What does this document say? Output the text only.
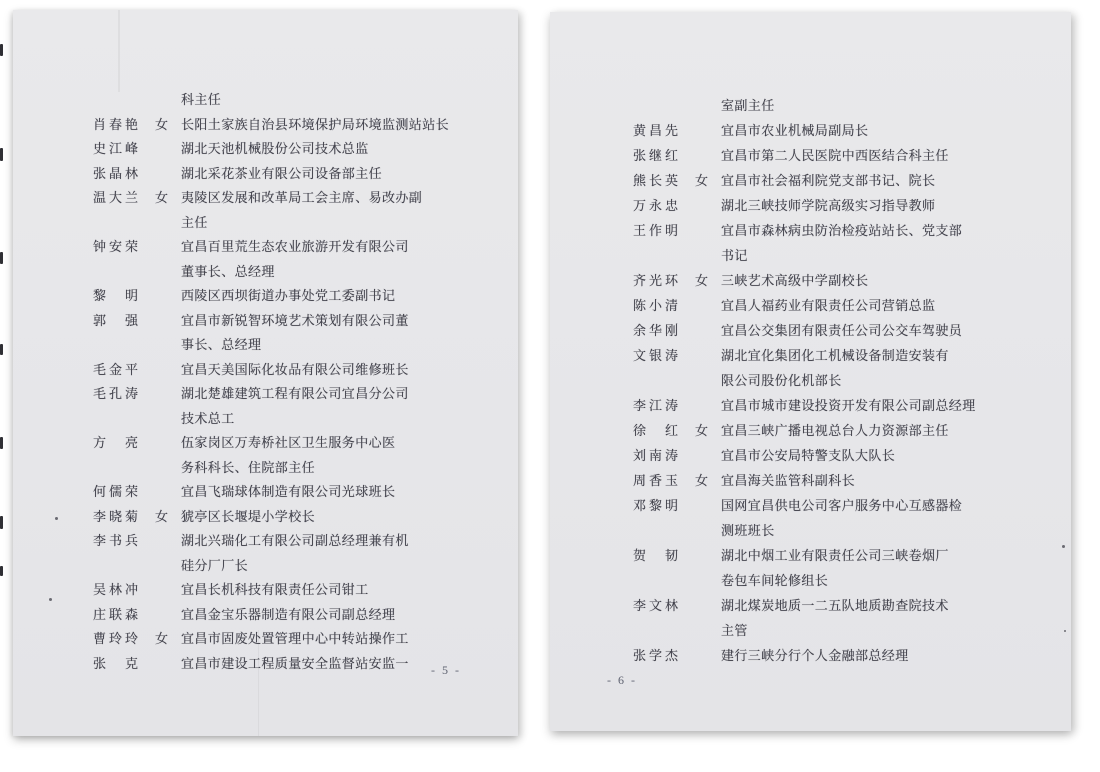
科主任
肖春艳	女 长阳土家族自治县环境保护局环境监测站站长
史江峰	湖北天池机械股份公司技术总监
张晶林	湖北采花茶业有限公司设备部主任
温大兰	女 夷陵区发展和改革局工会主席、易改办副
主任
钟安荣	宜昌百里荒生态农业旅游开发有限公司
董事长、总经理
黎　明	西陵区西坝街道办事处党工委副书记
郭　强	宜昌市新锐智环境艺术策划有限公司董
事长、总经理
毛金平	宜昌天美国际化妆品有限公司维修班长
毛孔涛	湖北楚雄建筑工程有限公司宜昌分公司
技术总工
方　亮	伍家岗区万寿桥社区卫生服务中心医
务科科长、住院部主任
何儒荣	宜昌飞瑞球体制造有限公司光球班长
李晓菊	女 猇亭区长堰堤小学校长
李书兵	湖北兴瑞化工有限公司副总经理兼有机
硅分厂厂长
吴林冲	宜昌长机科技有限责任公司钳工
庄联森	宜昌金宝乐器制造有限公司副总经理
曹玲玲	女 宜昌市固废处置管理中心中转站操作工
张　克	宜昌市建设工程质量安全监督站安监一	- 5 -
室副主任
黄昌先	宜昌市农业机械局副局长
张继红	宜昌市第二人民医院中西医结合科主任
熊长英	女 宜昌市社会福利院党支部书记、院长
万永忠	湖北三峡技师学院高级实习指导教师
王作明	宜昌市森林病虫防治检疫站站长、党支部
书记
齐光环	女 三峡艺术高级中学副校长
陈小清	宜昌人福药业有限责任公司营销总监
余华刚	宜昌公交集团有限责任公司公交车驾驶员
文银涛	湖北宜化集团化工机械设备制造安装有
限公司股份化机部长
李江涛	宜昌市城市建设投资开发有限公司副总经理
徐　红	女 宜昌三峡广播电视总台人力资源部主任
刘南涛	宜昌市公安局特警支队大队长
周香玉	女 宜昌海关监管科副科长
邓黎明	国网宜昌供电公司客户服务中心互感器检
测班班长
贺　韧	湖北中烟工业有限责任公司三峡卷烟厂
卷包车间轮修组长
李文林	湖北煤炭地质一二五队地质勘查院技术
主管
张学杰	建行三峡分行个人金融部总经理
- 6 -
